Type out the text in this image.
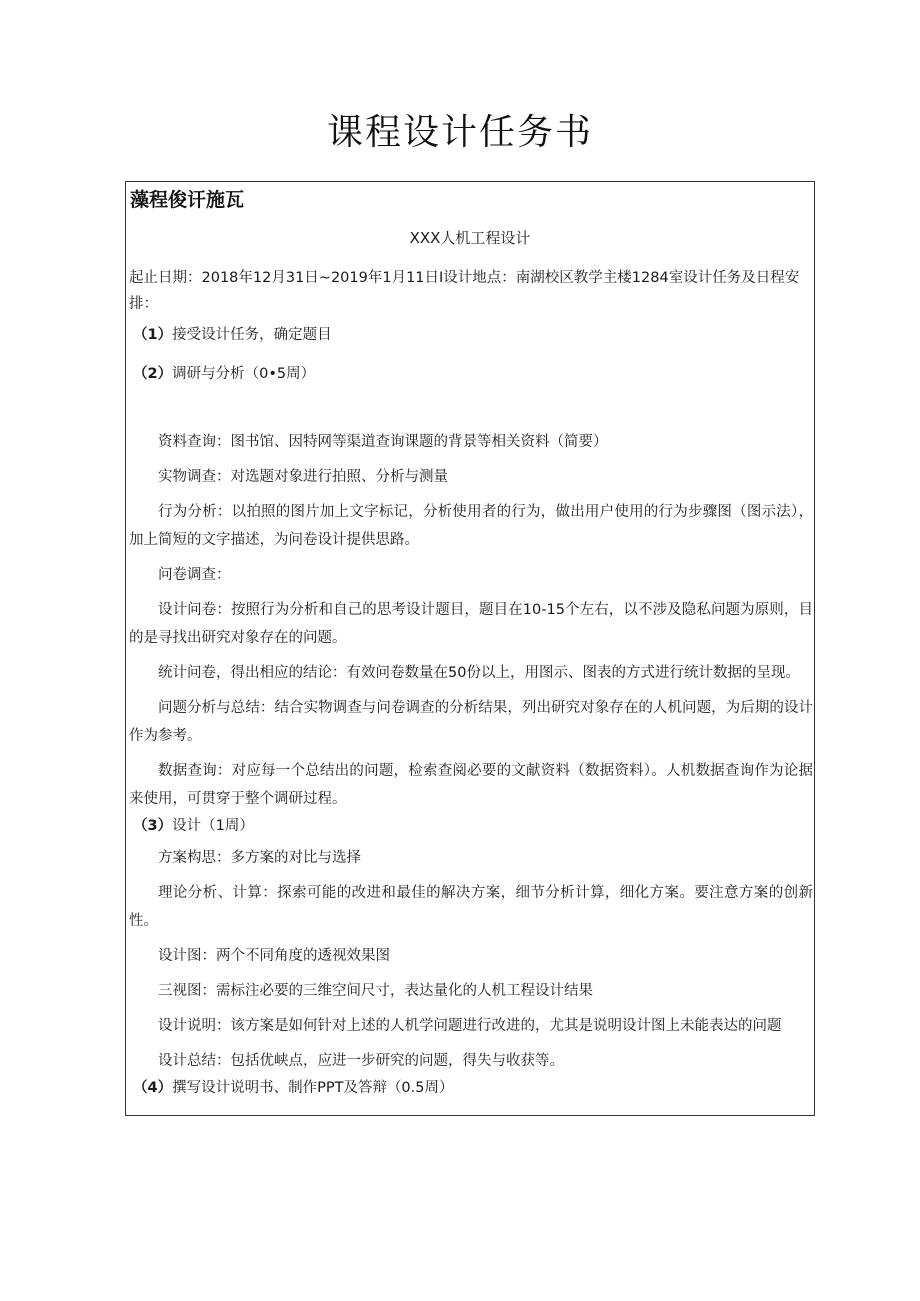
课程设计任务书
藻程俊讦施瓦
XXX人机工程设计

起止日期：2018年12月31日~2019年1月11日I设计地点：南湖校区教学主楼1284室设计任务及日程安排：

（1）接受设计任务，确定题目
（2）调研与分析（0•5周）

资料查询：图书馆、因特网等渠道查询课题的背景等相关资料（简要）

实物调查：对选题对象进行拍照、分析与测量

行为分析：以拍照的图片加上文字标记，分析使用者的行为，做出用户使用的行为步骤图（图示法），加上简短的文字描述，为问卷设计提供思路。

问卷调查：

设计问卷：按照行为分析和自己的思考设计题目，题目在10-15个左右，以不涉及隐私问题为原则，目的是寻找出研究对象存在的问题。

统计问卷，得出相应的结论：有效问卷数量在50份以上，用图示、图表的方式进行统计数据的呈现。

问题分析与总结：结合实物调查与问卷调查的分析结果，列出研究对象存在的人机问题，为后期的设计作为参考。

数据查询：对应每一个总结出的问题，检索查阅必要的文献资料（数据资料）。人机数据查询作为论据来使用，可贯穿于整个调研过程。

（3）设计（1周）

方案构思：多方案的对比与选择

理论分析、计算：探索可能的改进和最佳的解决方案，细节分析计算，细化方案。要注意方案的创新性。

设计图：两个不同角度的透视效果图

三视图：需标注必要的三维空间尺寸，表达量化的人机工程设计结果

设计说明：该方案是如何针对上述的人机学问题进行改进的，尤其是说明设计图上未能表达的问题

设计总结：包括优峡点，应进一步研究的问题，得失与收获等。

（4）撰写设计说明书、制作PPT及答辩（0.5周）
